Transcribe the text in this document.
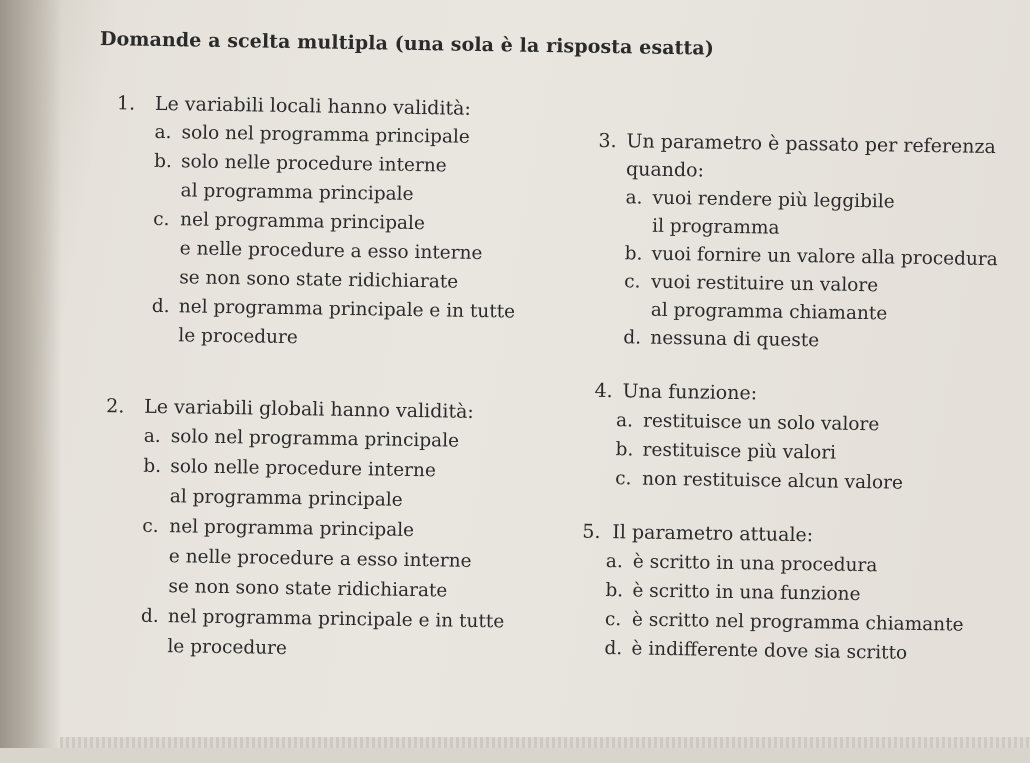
Domande a scelta multipla (una sola è la risposta esatta)
1. Le variabili locali hanno validità:
a. solo nel programma principale
b. solo nelle procedure interne
al programma principale
c. nel programma principale
e nelle procedure a esso interne
se non sono state ridichiarate
d. nel programma principale e in tutte
le procedure
2. Le variabili globali hanno validità:
a. solo nel programma principale
b. solo nelle procedure interne
al programma principale
c. nel programma principale
e nelle procedure a esso interne
se non sono state ridichiarate
d. nel programma principale e in tutte
le procedure
3. Un parametro è passato per referenza
quando:
a. vuoi rendere più leggibile
il programma
b. vuoi fornire un valore alla procedura
c. vuoi restituire un valore
al programma chiamante
d. nessuna di queste
4. Una funzione:
a. restituisce un solo valore
b. restituisce più valori
c. non restituisce alcun valore
5. Il parametro attuale:
a. è scritto in una procedura
b. è scritto in una funzione
c. è scritto nel programma chiamante
d. è indifferente dove sia scritto
